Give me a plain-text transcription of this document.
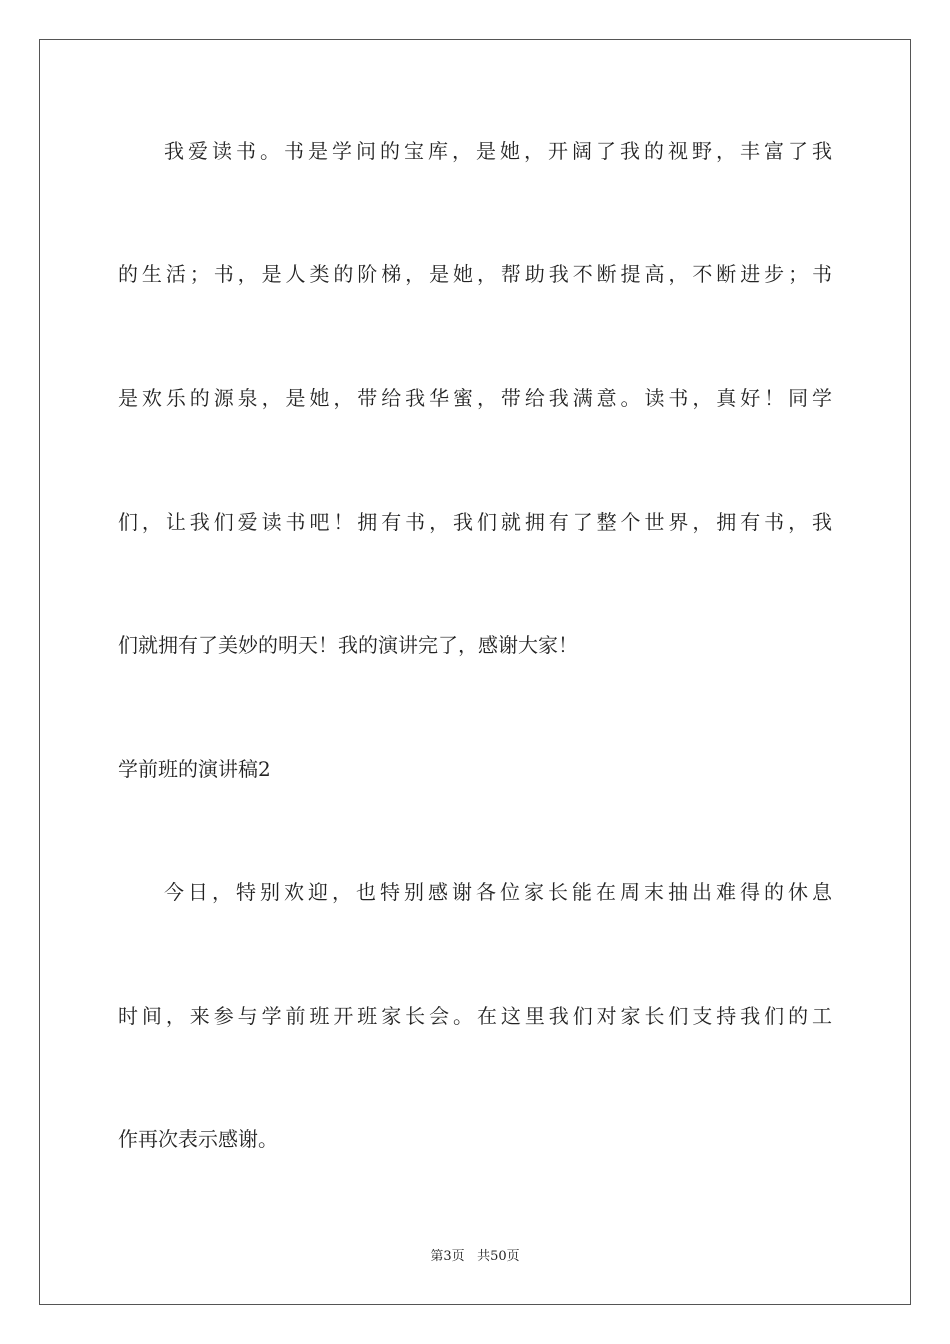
我爱读书。书是学问的宝库，是她，开阔了我的视野，丰富了我

的生活；书，是人类的阶梯，是她，帮助我不断提高，不断进步；书

是欢乐的源泉，是她，带给我华蜜，带给我满意。读书，真好！同学

们，让我们爱读书吧！拥有书，我们就拥有了整个世界，拥有书，我

们就拥有了美妙的明天！我的演讲完了，感谢大家！

学前班的演讲稿2

今日，特别欢迎，也特别感谢各位家长能在周末抽出难得的休息

时间，来参与学前班开班家长会。在这里我们对家长们支持我们的工

作再次表示感谢。

第3页 共50页
